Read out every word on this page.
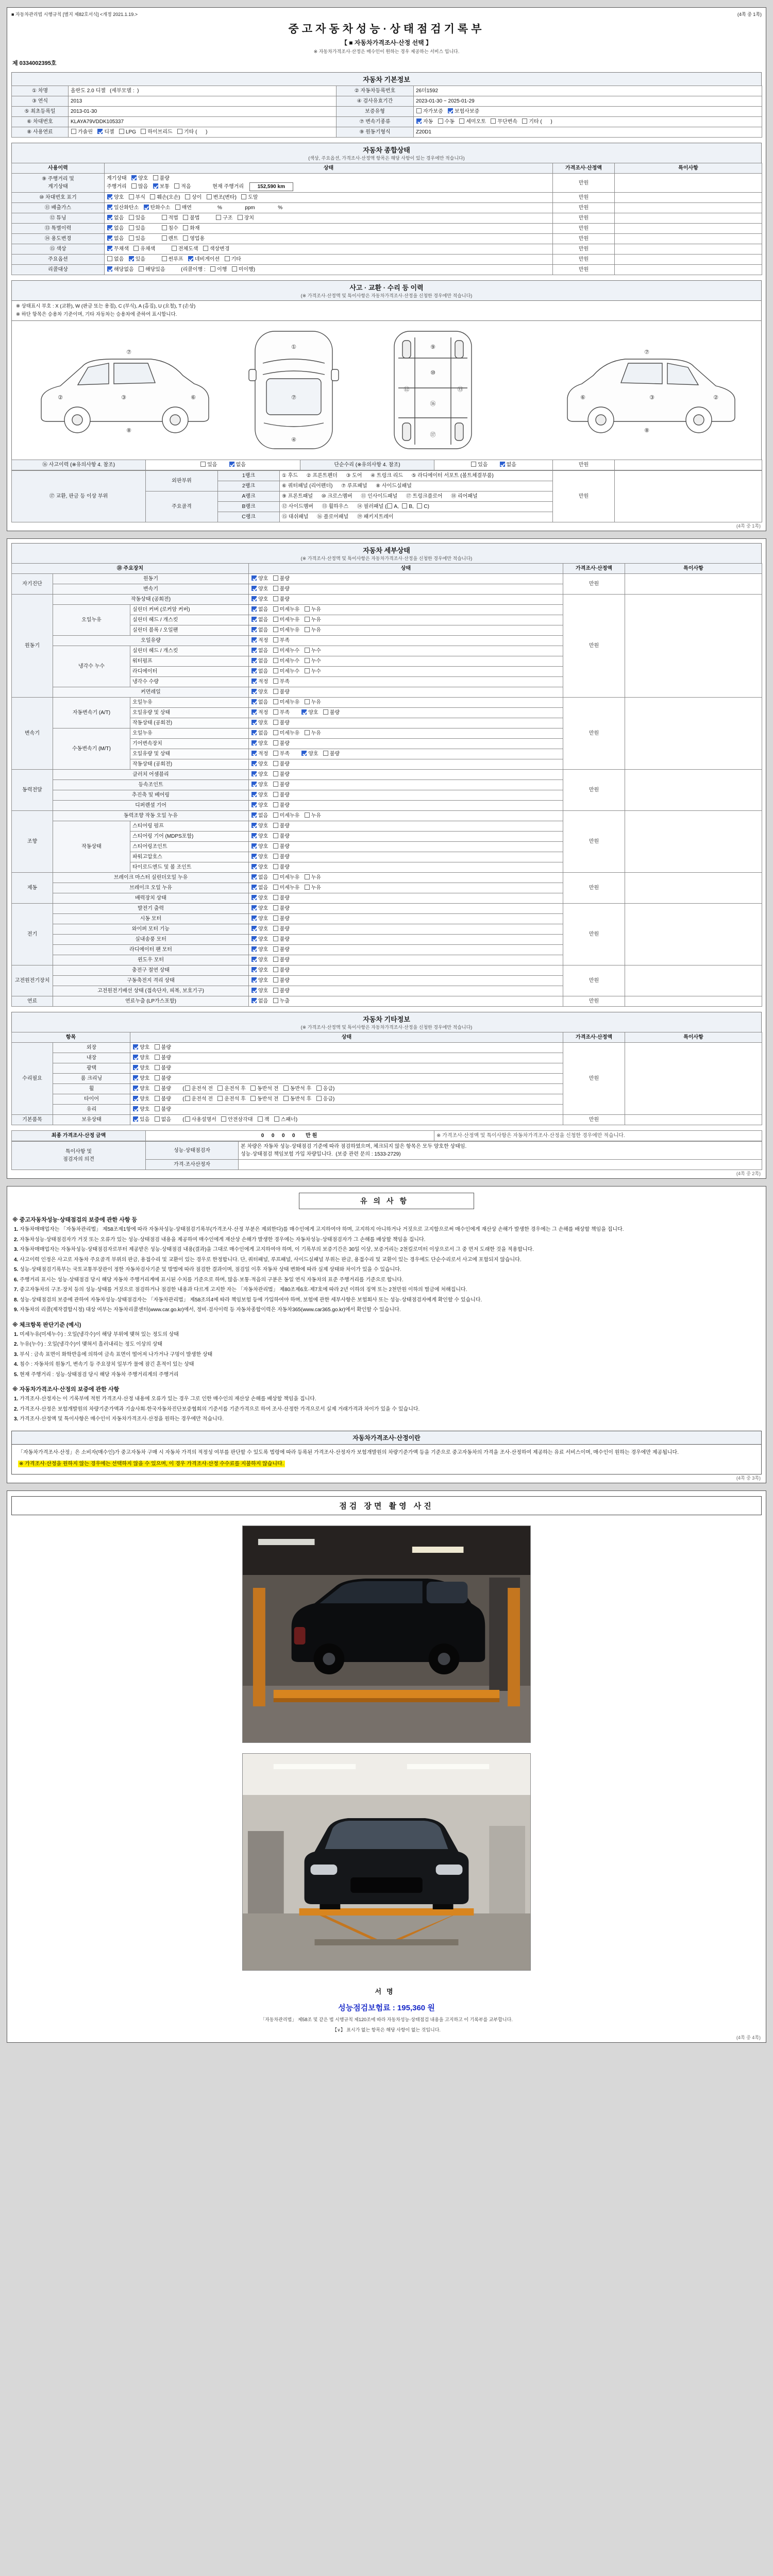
■ 자동차관리법 시행규칙 [별지 제82호서식] <개정 2021.1.19.>	(4쪽 중 1쪽)
중고자동차성능·상태점검기록부
【 ■ 자동차가격조사·산정 선택 】
※ 자동차가격조사·산정은 매수인이 원하는 경우 제공하는 서비스 입니다.
제 0334002395호
자동차 기본정보
① 차명	올란도 2.0 디젤   (세부모델 :  )	② 자동차등록번호	26더1592
③ 연식	2013	④ 검사유효기간	2023-01-30 ~ 2025-01-29
⑤ 최초등록일	2013-01-30	보증유형	자가보증   보험사보증
⑥ 차대번호	KLAYA79VDDK105337	⑦ 변속기종류	자동   수동   세미오토   무단변속   기타 (      )
⑧ 사용연료	가솔린   디젤   LPG   하이브리드   기타 (      )	⑨ 원동기형식	Z20D1
자동차 종합상태
(색상, 주요옵션, 가격조사·산정액 항목은 해당 사항이 있는 경우에만 적습니다)
사용이력	상태	가격조사·산정액	특이사항
⑨ 주행거리 및
계기상태	계기상태   양호   불량
주행거리   많음   보통   적음               현재 주행거리  152,590 km	만원	
⑩ 차대번호 표기	양호   부식   훼손(오손)   상이   변조(변타)   도말	만원	
⑪ 배출가스	일산화탄소   탄화수소   매연                  %                ppm                %	만원	
⑫ 튜닝	없음   있음           적법   불법           구조   장치	만원	
⑬ 특별이력	없음   있음           침수   화재	만원	
⑭ 용도변경	없음   있음           렌트   영업용	만원	
⑮ 색상	무채색   유채색           전체도색   색상변경	만원	
주요옵션	없음   있음           썬루프   네비게이션   기타	만원	
리콜대상	해당없음   해당있음           (리콜이행 :   이행   미이행)	만원	
사고 · 교환 · 수리 등 이력
(※ 가격조사·산정액 및 특이사항은 자동차가격조사·산정을 신청한 경우에만 적습니다)
※ 상태표시 부호 : X (교환), W (판금 또는 용접), C (부식), A (흠집), U (요철), T (손상)
※ 하단 항목은 승용차 기준이며, 기타 자동차는 승용차에 준하여 표시합니다.
②	③	⑥
⑦
⑧
①
⑦
④
⑨
⑩
⑯
⑰
⑫	⑬
②
③
⑥
⑦
⑧
⑯ 사고이력 (※유의사항 4. 참조)	있음        없음	단순수리 (※유의사항 4. 참조)	있음        없음	만원	
⑰ 교환, 판금 등 이상 부위	외판부위	1랭크	① 후드      ② 프론트펜더      ③ 도어      ④ 트렁크 리드      ⑤ 라디에이터 서포트 (볼트체결부품)	만원	
		2랭크	⑥ 쿼터패널 (리어펜더)      ⑦ 루프패널      ⑧ 사이드실패널		
	주요골격	A랭크	⑨ 프론트패널      ⑩ 크로스멤버      ⑪ 인사이드패널      ⑰ 트렁크플로어      ⑱ 리어패널		
		B랭크	⑫ 사이드멤버      ⑬ 휠하우스      ⑭ 필러패널 ( A,  B,  C)		
		C랭크	⑮ 대쉬패널      ⑯ 플로어패널      ⑲ 패키지트레이		
(4쪽 중 1쪽)
자동차 세부상태
(※ 가격조사·산정액 및 특이사항은 자동차가격조사·산정을 신청한 경우에만 적습니다)
⑱ 주요장치			상태	가격조사·산정액	특이사항
자기진단	원동기		양호   불량	만원	
	변속기		양호   불량		
원동기	작동상태 (공회전)		양호   불량	만원	
	오일누유	실린더 커버 (로커암 커버)	없음   미세누유   누유		
		실린더 헤드 / 개스킷	없음   미세누유   누유		
		실린더 블록 / 오일팬	없음   미세누유   누유		
	오일유량		적정   부족		
	냉각수 누수	실린더 헤드 / 개스킷	없음   미세누수   누수		
		워터펌프	없음   미세누수   누수		
		라디에이터	없음   미세누수   누수		
		냉각수 수량	적정   부족		
	커먼레일		양호   불량		
변속기	자동변속기 (A/T)	오일누유	없음   미세누유   누유	만원	
		오일유량 및 상태	적정   부족        양호   불량		
		작동상태 (공회전)	양호   불량		
	수동변속기 (M/T)	오일누유	없음   미세누유   누유		
		기어변속장치	양호   불량		
		오일유량 및 상태	적정   부족        양호   불량		
		작동상태 (공회전)	양호   불량		
동력전달	클러치 어셈블리		양호   불량	만원	
	등속조인트		양호   불량		
	추진축 및 베어링		양호   불량		
	디퍼렌셜 기어		양호   불량		
조향	동력조향 작동 오일 누유		없음   미세누유   누유	만원	
	작동상태	스티어링 펌프	양호   불량		
		스티어링 기어 (MDPS포함)	양호   불량		
		스티어링조인트	양호   불량		
		파워고압호스	양호   불량		
		타이로드엔드 및 볼 조인트	양호   불량		
제동	브레이크 마스터 실린더오일 누유		없음   미세누유   누유	만원	
	브레이크 오일 누유		없음   미세누유   누유		
	배력장치 상태		양호   불량		
전기	발전기 출력		양호   불량	만원	
	시동 모터		양호   불량		
	와이퍼 모터 기능		양호   불량		
	실내송풍 모터		양호   불량		
	라디에이터 팬 모터		양호   불량		
	윈도우 모터		양호   불량		
고전원전기장치	충전구 절연 상태		양호   불량	만원	
	구동축전지 격리 상태		양호   불량		
	고전원전기배선 상태 (접속단자, 피복, 보호기구)		양호   불량		
연료	연료누출 (LP가스포함)		없음   누출	만원	
자동차 기타정보
(※ 가격조사·산정액 및 특이사항은 자동차가격조사·산정을 신청한 경우에만 적습니다)
항목		상태	가격조사·산정액	특이사항
수리필요	외장	양호   불량	만원	
	내장	양호   불량		
	광택	양호   불량		
	룸 크리닝	양호   불량		
	휠	양호   불량        ( 운전석 전   운전석 후   동반석 전   동반석 후   응급)		
	타이어	양호   불량        ( 운전석 전   운전석 후   동반석 전   동반석 후   응급)		
	유리	양호   불량		
기본품목	보유상태	있음   없음        ( 사용설명서   안전삼각대   잭   스패너)	만원	
최종 가격조사·산정 금액	0  0  0  0   만원	※ 가격조사·산정액 및 특이사항은 자동차가격조사·산정을 신청한 경우에만 적습니다.
특이사항 및
점검자의 의견	성능·상태점검자	본 차량은 자동차 성능·상태점검 기준에 따라 점검하였으며, 체크되지 않은 항목은 모두 양호한 상태임.
성능·상태점검 책임보험 가입 차량입니다.  (보증 관련 문의 : 1533-2729)
	가격·조사산정자	
(4쪽 중 2쪽)
유의사항
※ 중고자동차성능·상태점검의 보증에 관한 사항 등
1. 자동차매매업자는 「자동차관리법」 제58조제1항에 따라 자동차성능·상태점검기록부(가격조사·산정 부분은 제외한다)를 매수인에게 고지하여야 하며, 고지하지 아니하거나 거짓으로 고지함으로써 매수인에게 재산상 손해가 발생한 경우에는 그 손해를 배상할 책임을 집니다.
2. 자동차성능·상태점검자가 거짓 또는 오류가 있는 성능·상태점검 내용을 제공하여 매수인에게 재산상 손해가 발생한 경우에는 자동차성능·상태점검자가 그 손해를 배상할 책임을 집니다.
3. 자동차매매업자는 자동차성능·상태점검자로부터 제공받은 성능·상태점검 내용(결과)을 그대로 매수인에게 고지하여야 하며, 이 기록부의 보증기간은 30일 이상, 보증거리는 2천킬로미터 이상으로서 그 중 먼저 도래한 것을 적용합니다.
4. 사고이력 인정은 사고로 자동차 주요골격 부위의 판금, 용접수리 및 교환이 있는 경우로 한정합니다. 단, 쿼터패널, 루프패널, 사이드실패널 부위는 판금, 용접수리 및 교환이 있는 경우에도 단순수리로서 사고에 포함되지 않습니다.
5. 성능·상태점검기록부는 국토교통부장관이 정한 자동차검사기준 및 방법에 따라 점검한 결과이며, 점검일 이후 자동차 상태 변화에 따라 실제 상태와 차이가 있을 수 있습니다.
6. 주행거리 표시는 성능·상태점검 당시 해당 자동차 주행거리계에 표시된 수치를 기준으로 하며, 많음·보통·적음의 구분은 동일 연식 자동차의 표준 주행거리를 기준으로 합니다.
7. 중고자동차의 구조·장치 등의 성능·상태를 거짓으로 점검하거나 점검한 내용과 다르게 고지한 자는 「자동차관리법」 제80조제6호·제7호에 따라 2년 이하의 징역 또는 2천만원 이하의 벌금에 처해집니다.
8. 성능·상태점검의 보증에 관하여 자동차성능·상태점검자는 「자동차관리법」 제58조의4에 따라 책임보험 등에 가입하여야 하며, 보험에 관한 세부사항은 보험회사 또는 성능·상태점검자에게 확인할 수 있습니다.
9. 자동차의 리콜(제작결함시정) 대상 여부는 자동차리콜센터(www.car.go.kr)에서, 정비·검사이력 등 자동차종합이력은 자동차365(www.car365.go.kr)에서 확인할 수 있습니다.
※ 체크항목 판단기준 (예시)
1. 미세누유(미세누수) : 오일(냉각수)이 해당 부위에 맺혀 있는 정도의 상태
2. 누유(누수) : 오일(냉각수)이 맺혀서 흘러내리는 정도 이상의 상태
3. 부식 : 금속 표면이 화학반응에 의하여 금속 표면이 떨어져 나가거나 구멍이 발생한 상태
4. 침수 : 자동차의 원동기, 변속기 등 주요장치 일부가 물에 잠긴 흔적이 있는 상태
5. 현재 주행거리 : 성능·상태점검 당시 해당 자동차 주행거리계의 주행거리
※ 자동차가격조사·산정의 보증에 관한 사항
1. 가격조사·산정자는 이 기록부에 적힌 가격조사·산정 내용에 오류가 있는 경우 그로 인한 매수인의 재산상 손해를 배상할 책임을 집니다.
2. 가격조사·산정은 보험개발원의 차량기준가액과 기술사회·한국자동차진단보증협회의 기준서를 기준가격으로 하여 조사·산정한 가격으로서 실제 거래가격과 차이가 있을 수 있습니다.
3. 가격조사·산정액 및 특이사항은 매수인이 자동차가격조사·산정을 원하는 경우에만 적습니다.
자동차가격조사·산정이란

「자동차가격조사·산정」은 소비자(매수인)가 중고자동차 구매 시 자동차 가격의 적정성 여부를 판단할 수 있도록 법령에 따라 등록된 가격조사·산정자가 보험개발원의 차량기준가액 등을 기준으로 중고자동차의 가격을 조사·산정하여 제공하는 유료 서비스이며, 매수인이 원하는 경우에만 제공됩니다.

※ 가격조사·산정을 원하지 않는 경우에는 선택하지 않을 수 있으며, 이 경우 가격조사·산정 수수료를 지불하지 않습니다.

(4쪽 중 3쪽)
점검 장면 촬영 사진
서명
성능점검보험료 : 195,360 원
「자동차관리법」 제58조 및 같은 법 시행규칙 제120조에 따라 자동차성능·상태점검 내용을 고지하고 이 기록부를 교부합니다.
【∨】 표시가 없는 항목은 해당 사항이 없는 것입니다.
(4쪽 중 4쪽)
